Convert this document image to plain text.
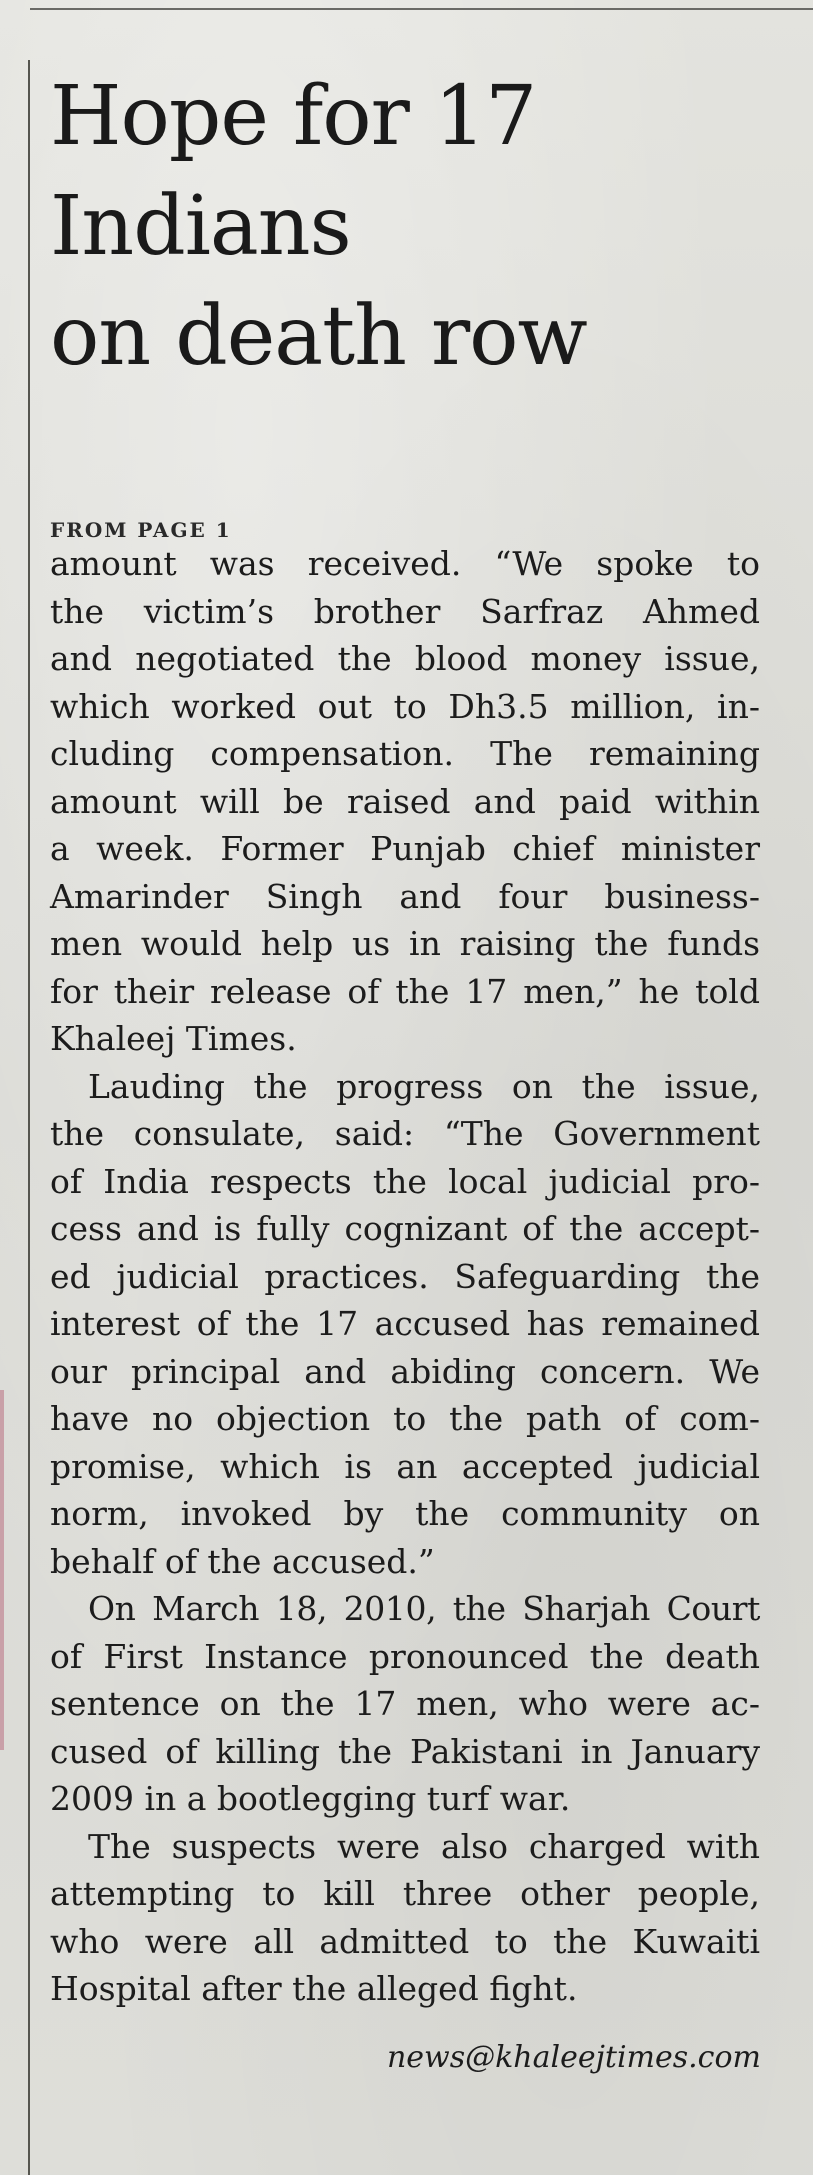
Hope for 17
Indians
on death row
FROM PAGE 1
amount was received. “We spoke to
the victim’s brother Sarfraz Ahmed
and negotiated the blood money issue,
which worked out to Dh3.5 million, in-
cluding compensation. The remaining
amount will be raised and paid within
a week. Former Punjab chief minister
Amarinder Singh and four business-
men would help us in raising the funds
for their release of the 17 men,” he told
Khaleej Times.
Lauding the progress on the issue,
the consulate, said: “The Government
of India respects the local judicial pro-
cess and is fully cognizant of the accept-
ed judicial practices. Safeguarding the
interest of the 17 accused has remained
our principal and abiding concern. We
have no objection to the path of com-
promise, which is an accepted judicial
norm, invoked by the community on
behalf of the accused.”
On March 18, 2010, the Sharjah Court
of First Instance pronounced the death
sentence on the 17 men, who were ac-
cused of killing the Pakistani in January
2009 in a bootlegging turf war.
The suspects were also charged with
attempting to kill three other people,
who were all admitted to the Kuwaiti
Hospital after the alleged fight.
news@khaleejtimes.com
